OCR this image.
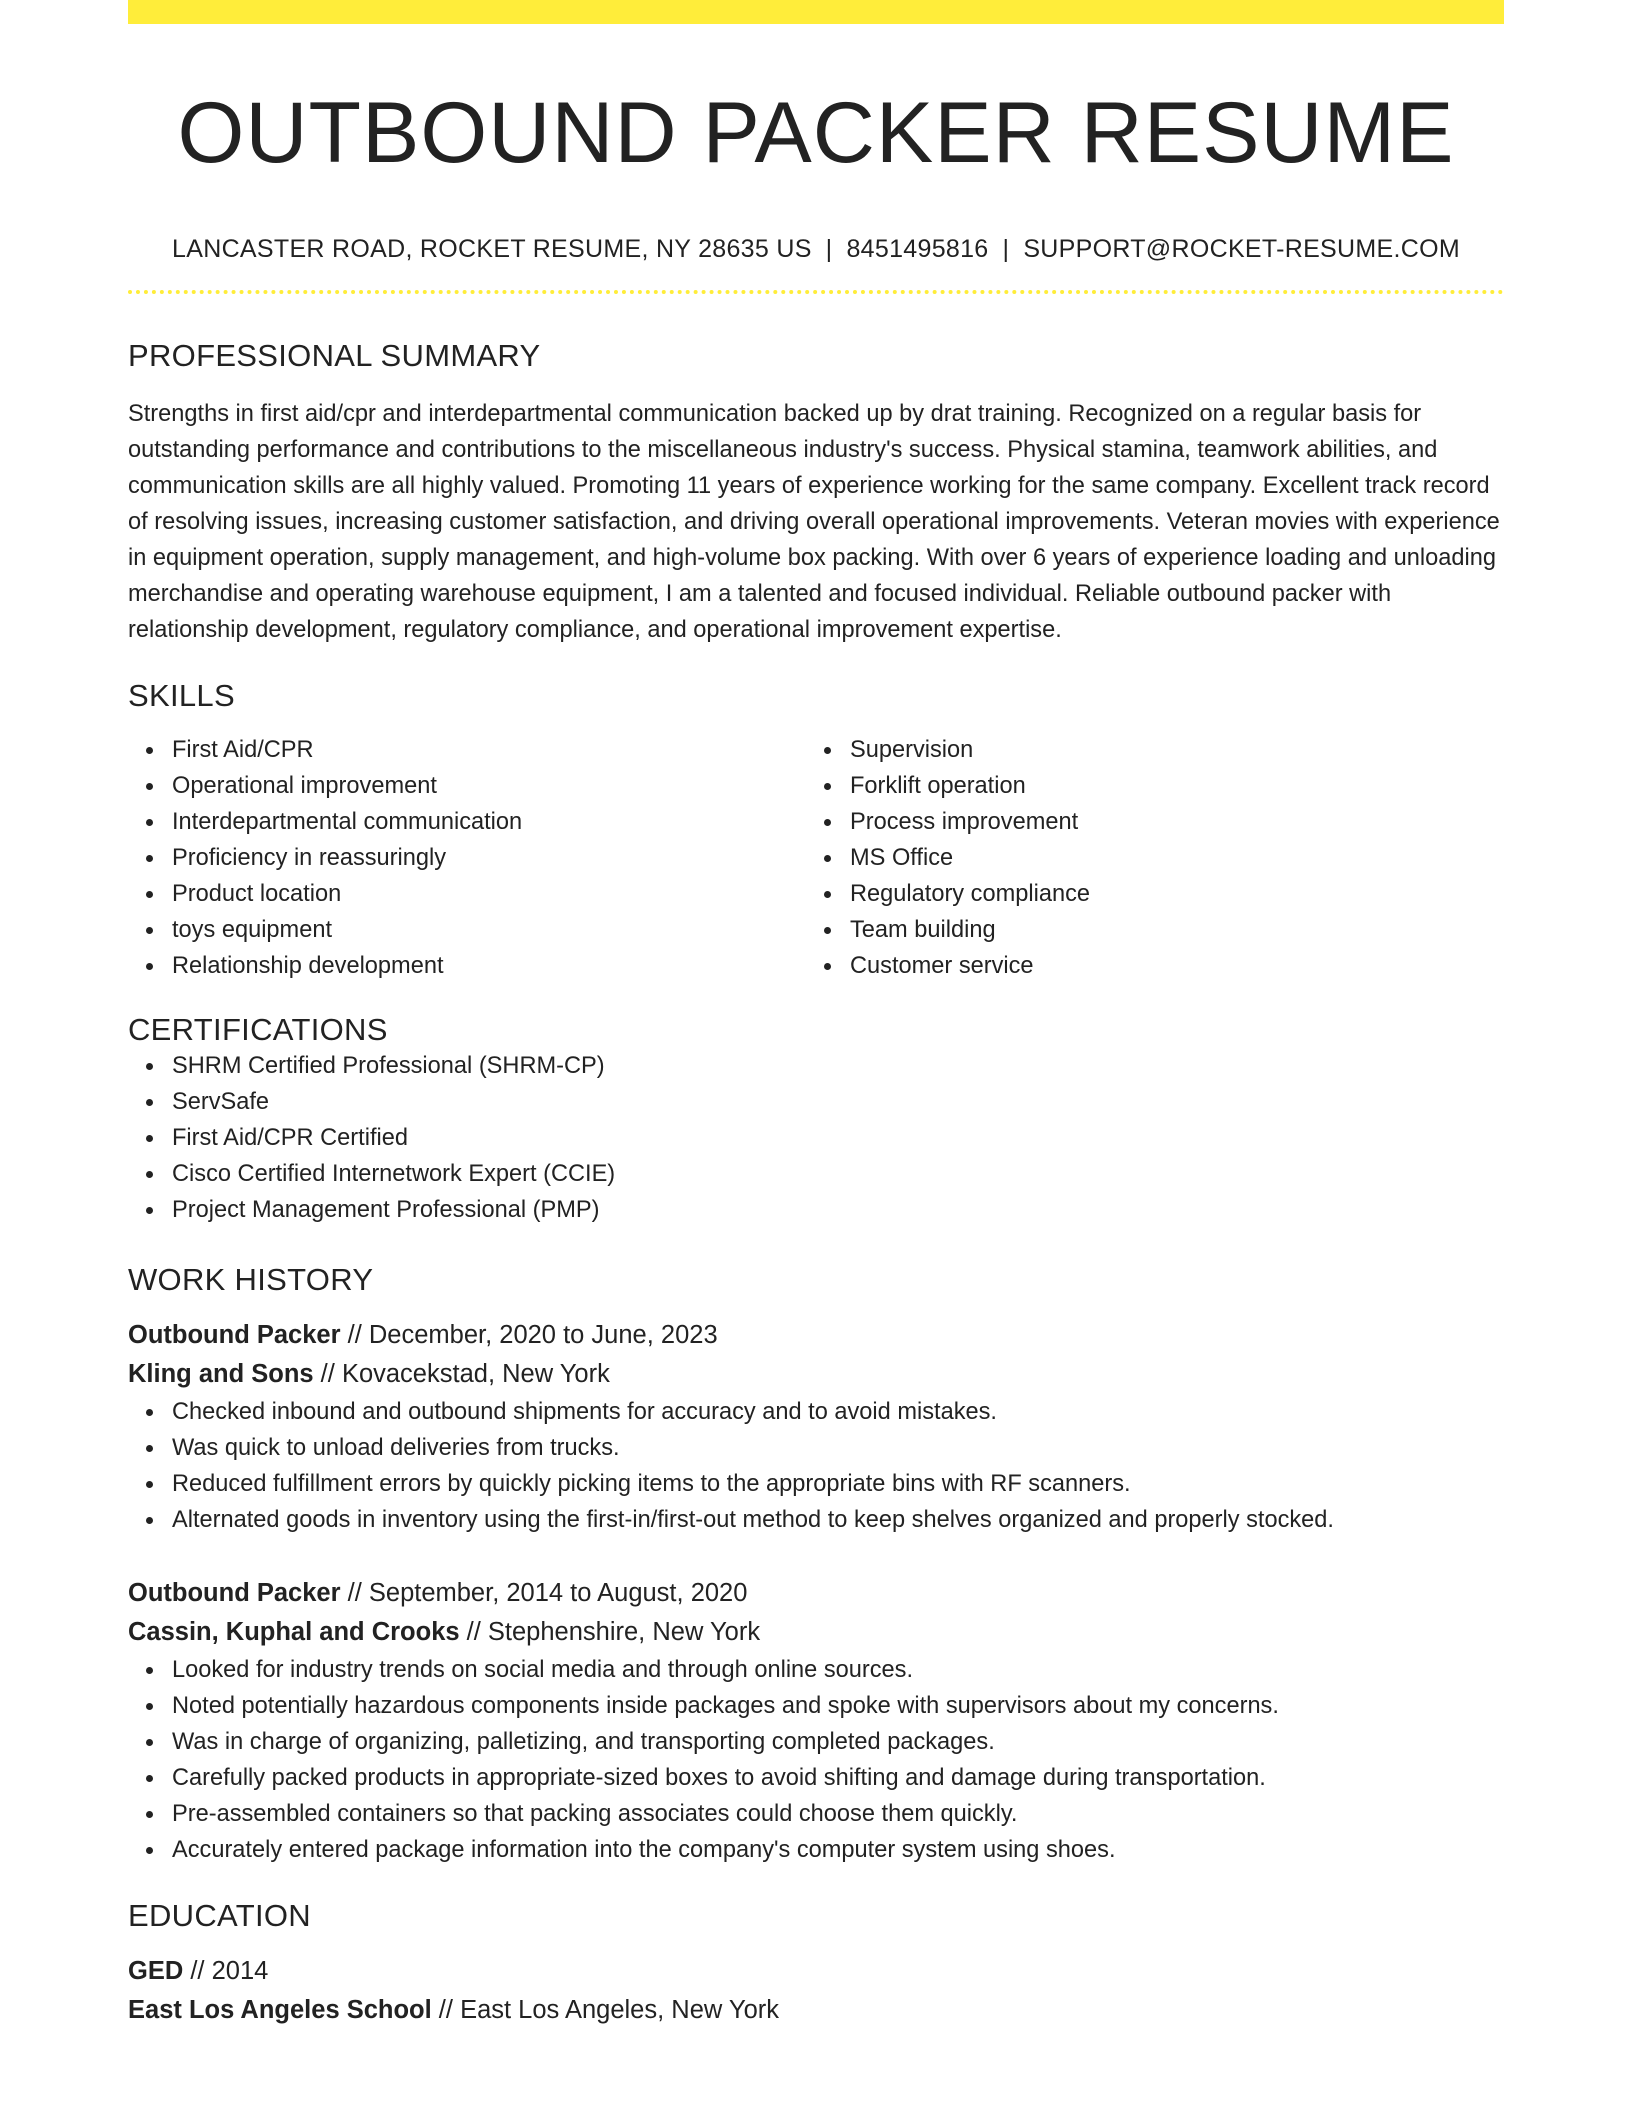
OUTBOUND PACKER RESUME
LANCASTER ROAD, ROCKET RESUME, NY 28635 US | 8451495816 | SUPPORT@ROCKET-RESUME.COM
PROFESSIONAL SUMMARY

Strengths in first aid/cpr and interdepartmental communication backed up by drat training. Recognized on a regular basis for outstanding performance and contributions to the miscellaneous industry's success. Physical stamina, teamwork abilities, and communication skills are all highly valued. Promoting 11 years of experience working for the same company. Excellent track record of resolving issues, increasing customer satisfaction, and driving overall operational improvements. Veteran movies with experience in equipment operation, supply management, and high-volume box packing. With over 6 years of experience loading and unloading merchandise and operating warehouse equipment, I am a talented and focused individual. Reliable outbound packer with relationship development, regulatory compliance, and operational improvement expertise.

SKILLS
First Aid/CPR
Operational improvement
Interdepartmental communication
Proficiency in reassuringly
Product location
toys equipment
Relationship development
Supervision
Forklift operation
Process improvement
MS Office
Regulatory compliance
Team building
Customer service
CERTIFICATIONS
SHRM Certified Professional (SHRM-CP)
ServSafe
First Aid/CPR Certified
Cisco Certified Internetwork Expert (CCIE)
Project Management Professional (PMP)
WORK HISTORY
Outbound Packer // December, 2020 to June, 2023
Kling and Sons // Kovacekstad, New York
Checked inbound and outbound shipments for accuracy and to avoid mistakes.
Was quick to unload deliveries from trucks.
Reduced fulfillment errors by quickly picking items to the appropriate bins with RF scanners.
Alternated goods in inventory using the first-in/first-out method to keep shelves organized and properly stocked.
Outbound Packer // September, 2014 to August, 2020
Cassin, Kuphal and Crooks // Stephenshire, New York
Looked for industry trends on social media and through online sources.
Noted potentially hazardous components inside packages and spoke with supervisors about my concerns.
Was in charge of organizing, palletizing, and transporting completed packages.
Carefully packed products in appropriate-sized boxes to avoid shifting and damage during transportation.
Pre-assembled containers so that packing associates could choose them quickly.
Accurately entered package information into the company's computer system using shoes.
EDUCATION
GED // 2014
East Los Angeles School // East Los Angeles, New York
